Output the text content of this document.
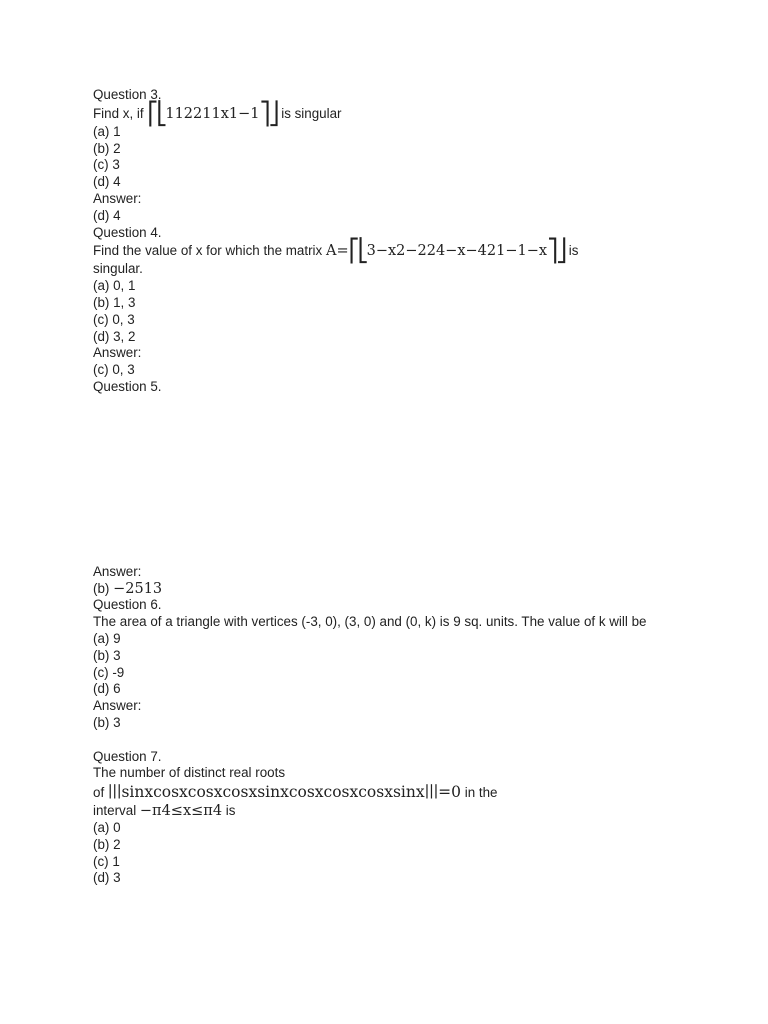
Question 3.
Find x, if ⎡⎣112211x1−1⎤⎦ is singular
(a) 1
(b) 2
(c) 3
(d) 4
Answer:
(d) 4
Question 4.
Find the value of x for which the matrix A=⎡⎣3−x2−224−x−421−1−x⎤⎦ is
singular.
(a) 0, 1
(b) 1, 3
(c) 0, 3
(d) 3, 2
Answer:
(c) 0, 3
Question 5.
Answer:
(b) −2513
Question 6.
The area of a triangle with vertices (-3, 0), (3, 0) and (0, k) is 9 sq. units. The value of k will be
(a) 9
(b) 3
(c) -9
(d) 6
Answer:
(b) 3
Question 7.
The number of distinct real roots
of ∣∣∣sinxcosxcosxcosxsinxcosxcosxcosxsinx∣∣∣=0 in the
interval −π4≤x≤π4 is
(a) 0
(b) 2
(c) 1
(d) 3
